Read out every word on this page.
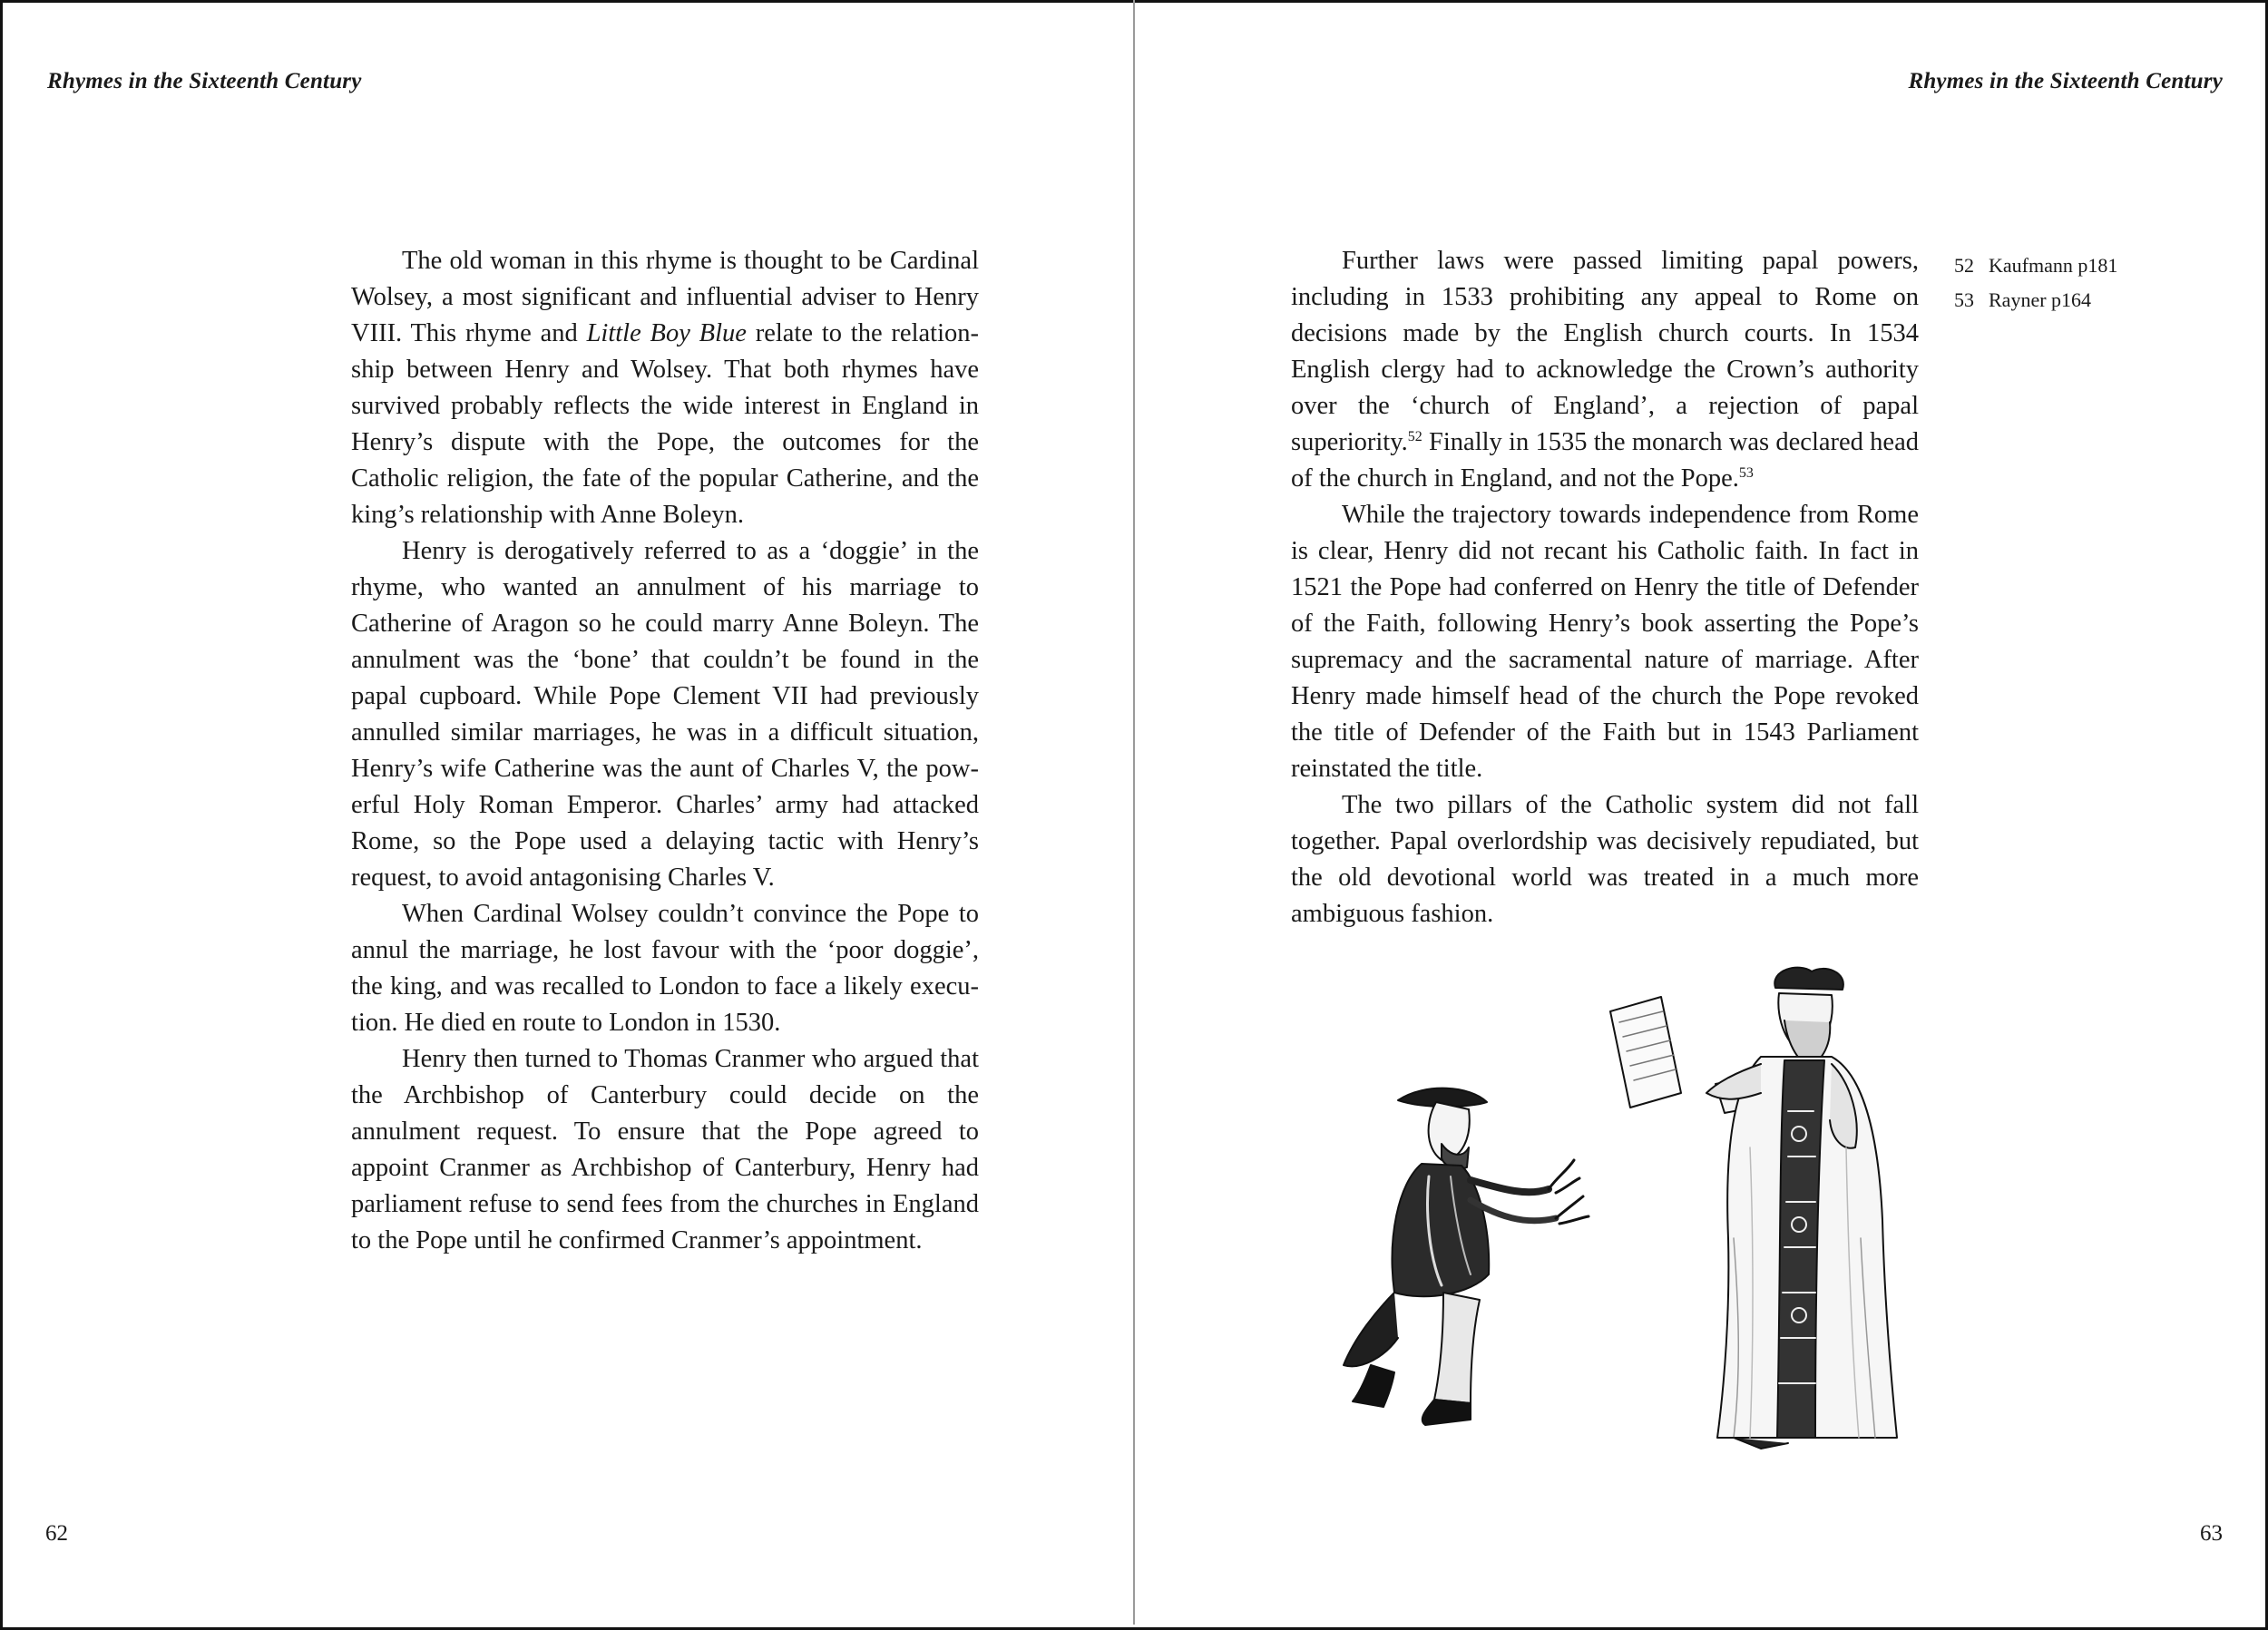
Rhymes in the Sixteenth Century

The old woman in this rhyme is thought to be Cardinal Wolsey, a most significant and influential adviser to Henry VIII. This rhyme and Little Boy Blue relate to the relationship between Henry and Wolsey. That both rhymes have survived probably reflects the wide interest in England in Henry’s dispute with the Pope, the outcomes for the Catholic religion, the fate of the popular Catherine, and the king’s relationship with Anne Boleyn.

Henry is derogatively referred to as a ‘doggie’ in the rhyme, who wanted an annulment of his marriage to Catherine of Aragon so he could marry Anne Boleyn. The annulment was the ‘bone’ that couldn’t be found in the papal cupboard. While Pope Clement VII had previously annulled similar marriages, he was in a difficult situation, Henry’s wife Catherine was the aunt of Charles V, the powerful Holy Roman Emperor. Charles’ army had attacked Rome, so the Pope used a delaying tactic with Henry’s request, to avoid antagonising Charles V.

When Cardinal Wolsey couldn’t convince the Pope to annul the marriage, he lost favour with the ‘poor doggie’, the king, and was recalled to London to face a likely execution. He died en route to London in 1530.

Henry then turned to Thomas Cranmer who argued that the Archbishop of Canterbury could decide on the annulment request. To ensure that the Pope agreed to appoint Cranmer as Archbishop of Canterbury, Henry had parliament refuse to send fees from the churches in England to the Pope until he confirmed Cranmer’s appointment.

62

Rhymes in the Sixteenth Century

Further laws were passed limiting papal powers, including in 1533 prohibiting any appeal to Rome on decisions made by the English church courts. In 1534 English clergy had to acknowledge the Crown’s authority over the ‘church of England’, a rejection of papal superiority.$^{52}$ Finally in 1535 the monarch was declared head of the church in England, and not the Pope.$^{53}$

While the trajectory towards independence from Rome is clear, Henry did not recant his Catholic faith. In fact in 1521 the Pope had conferred on Henry the title of Defender of the Faith, following Henry’s book asserting the Pope’s supremacy and the sacramental nature of marriage. After Henry made himself head of the church the Pope revoked the title of Defender of the Faith but in 1543 Parliament reinstated the title.

The two pillars of the Catholic system did not fall together. Papal overlordship was decisively repudiated, but the old devotional world was treated in a much more ambiguous fashion.

52 Kaufmann p181
53 Rayner p164

63
